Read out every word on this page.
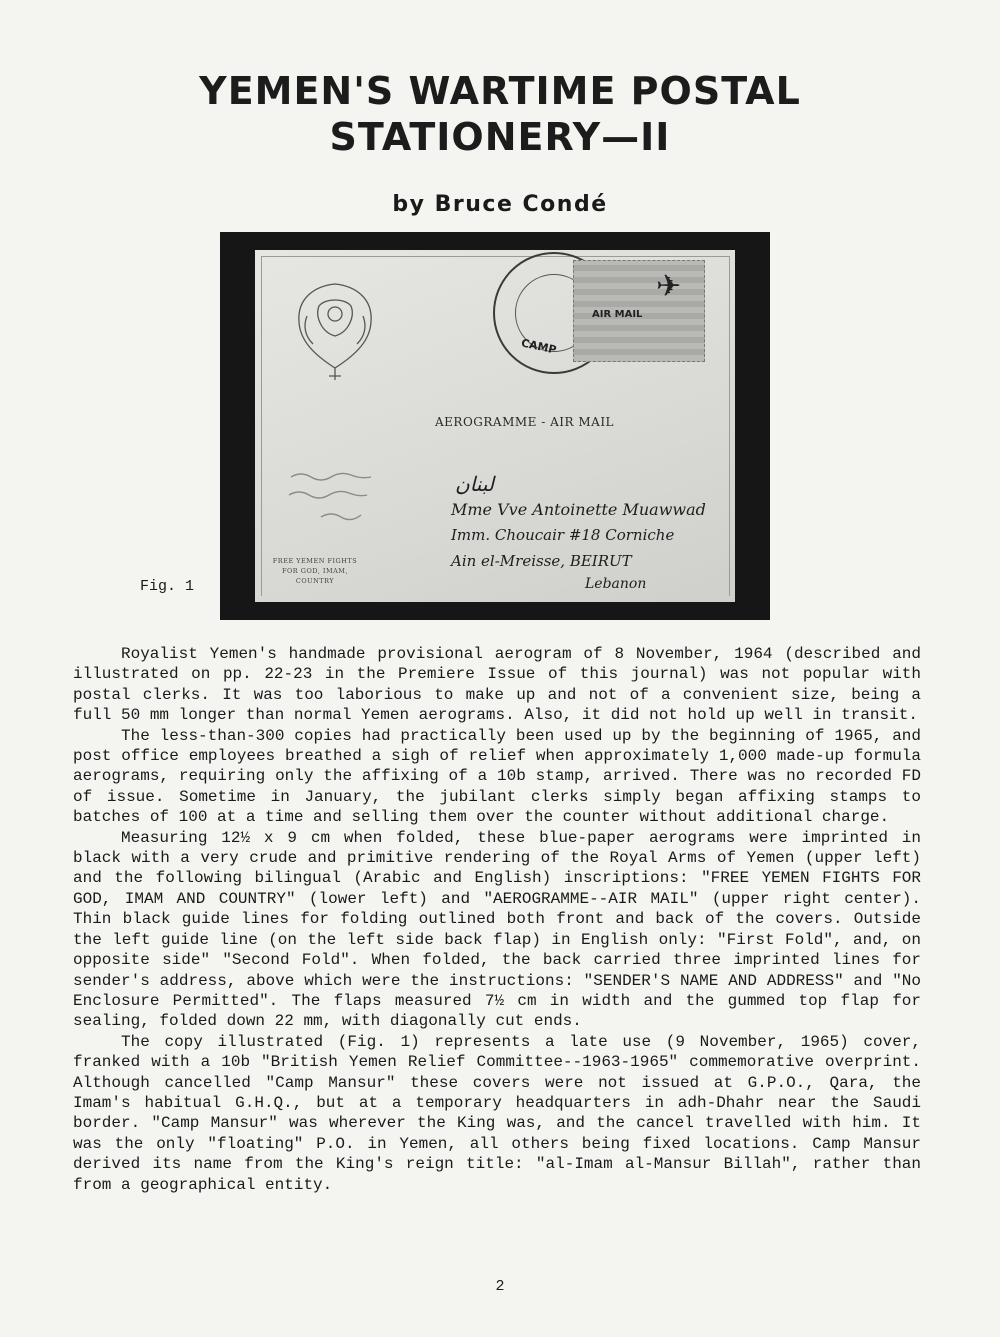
YEMEN'S WARTIME POSTAL
STATIONERY—II
by Bruce Condé
CAMP
✈
AIR MAIL
AEROGRAMME - AIR MAIL
FREE YEMEN FIGHTS
FOR GOD, IMAM,
COUNTRY
لبنان
Mme Vve Antoinette Muawwad
Imm. Choucair #18 Corniche
Ain el-Mreisse, BEIRUT
Lebanon
Fig. 1

Royalist Yemen's handmade provisional aerogram of 8 November, 1964 (described and illustrated on pp. 22-23 in the Premiere Issue of this journal) was not popular with postal clerks. It was too laborious to make up and not of a convenient size, being a full 50 mm longer than normal Yemen aerograms. Also, it did not hold up well in transit.

The less-than-300 copies had practically been used up by the beginning of 1965, and post office employees breathed a sigh of relief when approximately 1,000 made-up formula aerograms, requiring only the affixing of a 10b stamp, arrived. There was no recorded FD of issue. Sometime in January, the jubilant clerks simply began affixing stamps to batches of 100 at a time and selling them over the counter without additional charge.

Measuring 12½ x 9 cm when folded, these blue-paper aerograms were imprinted in black with a very crude and primitive rendering of the Royal Arms of Yemen (upper left) and the following bilingual (Arabic and English) inscriptions: "FREE YEMEN FIGHTS FOR GOD, IMAM AND COUNTRY" (lower left) and "AEROGRAMME--AIR MAIL" (upper right center). Thin black guide lines for folding outlined both front and back of the covers. Outside the left guide line (on the left side back flap) in English only: "First Fold", and, on opposite side" "Second Fold". When folded, the back carried three imprinted lines for sender's address, above which were the instructions: "SENDER'S NAME AND ADDRESS" and "No Enclosure Permitted". The flaps measured 7½ cm in width and the gummed top flap for sealing, folded down 22 mm, with diagonally cut ends.

The copy illustrated (Fig. 1) represents a late use (9 November, 1965) cover, franked with a 10b "British Yemen Relief Committee--1963-1965" commemorative overprint. Although cancelled "Camp Mansur" these covers were not issued at G.P.O., Qara, the Imam's habitual G.H.Q., but at a temporary headquarters in adh-Dhahr near the Saudi border. "Camp Mansur" was wherever the King was, and the cancel travelled with him. It was the only "floating" P.O. in Yemen, all others being fixed locations. Camp Mansur derived its name from the King's reign title: "al-Imam al-Mansur Billah", rather than from a geographical entity.

2
